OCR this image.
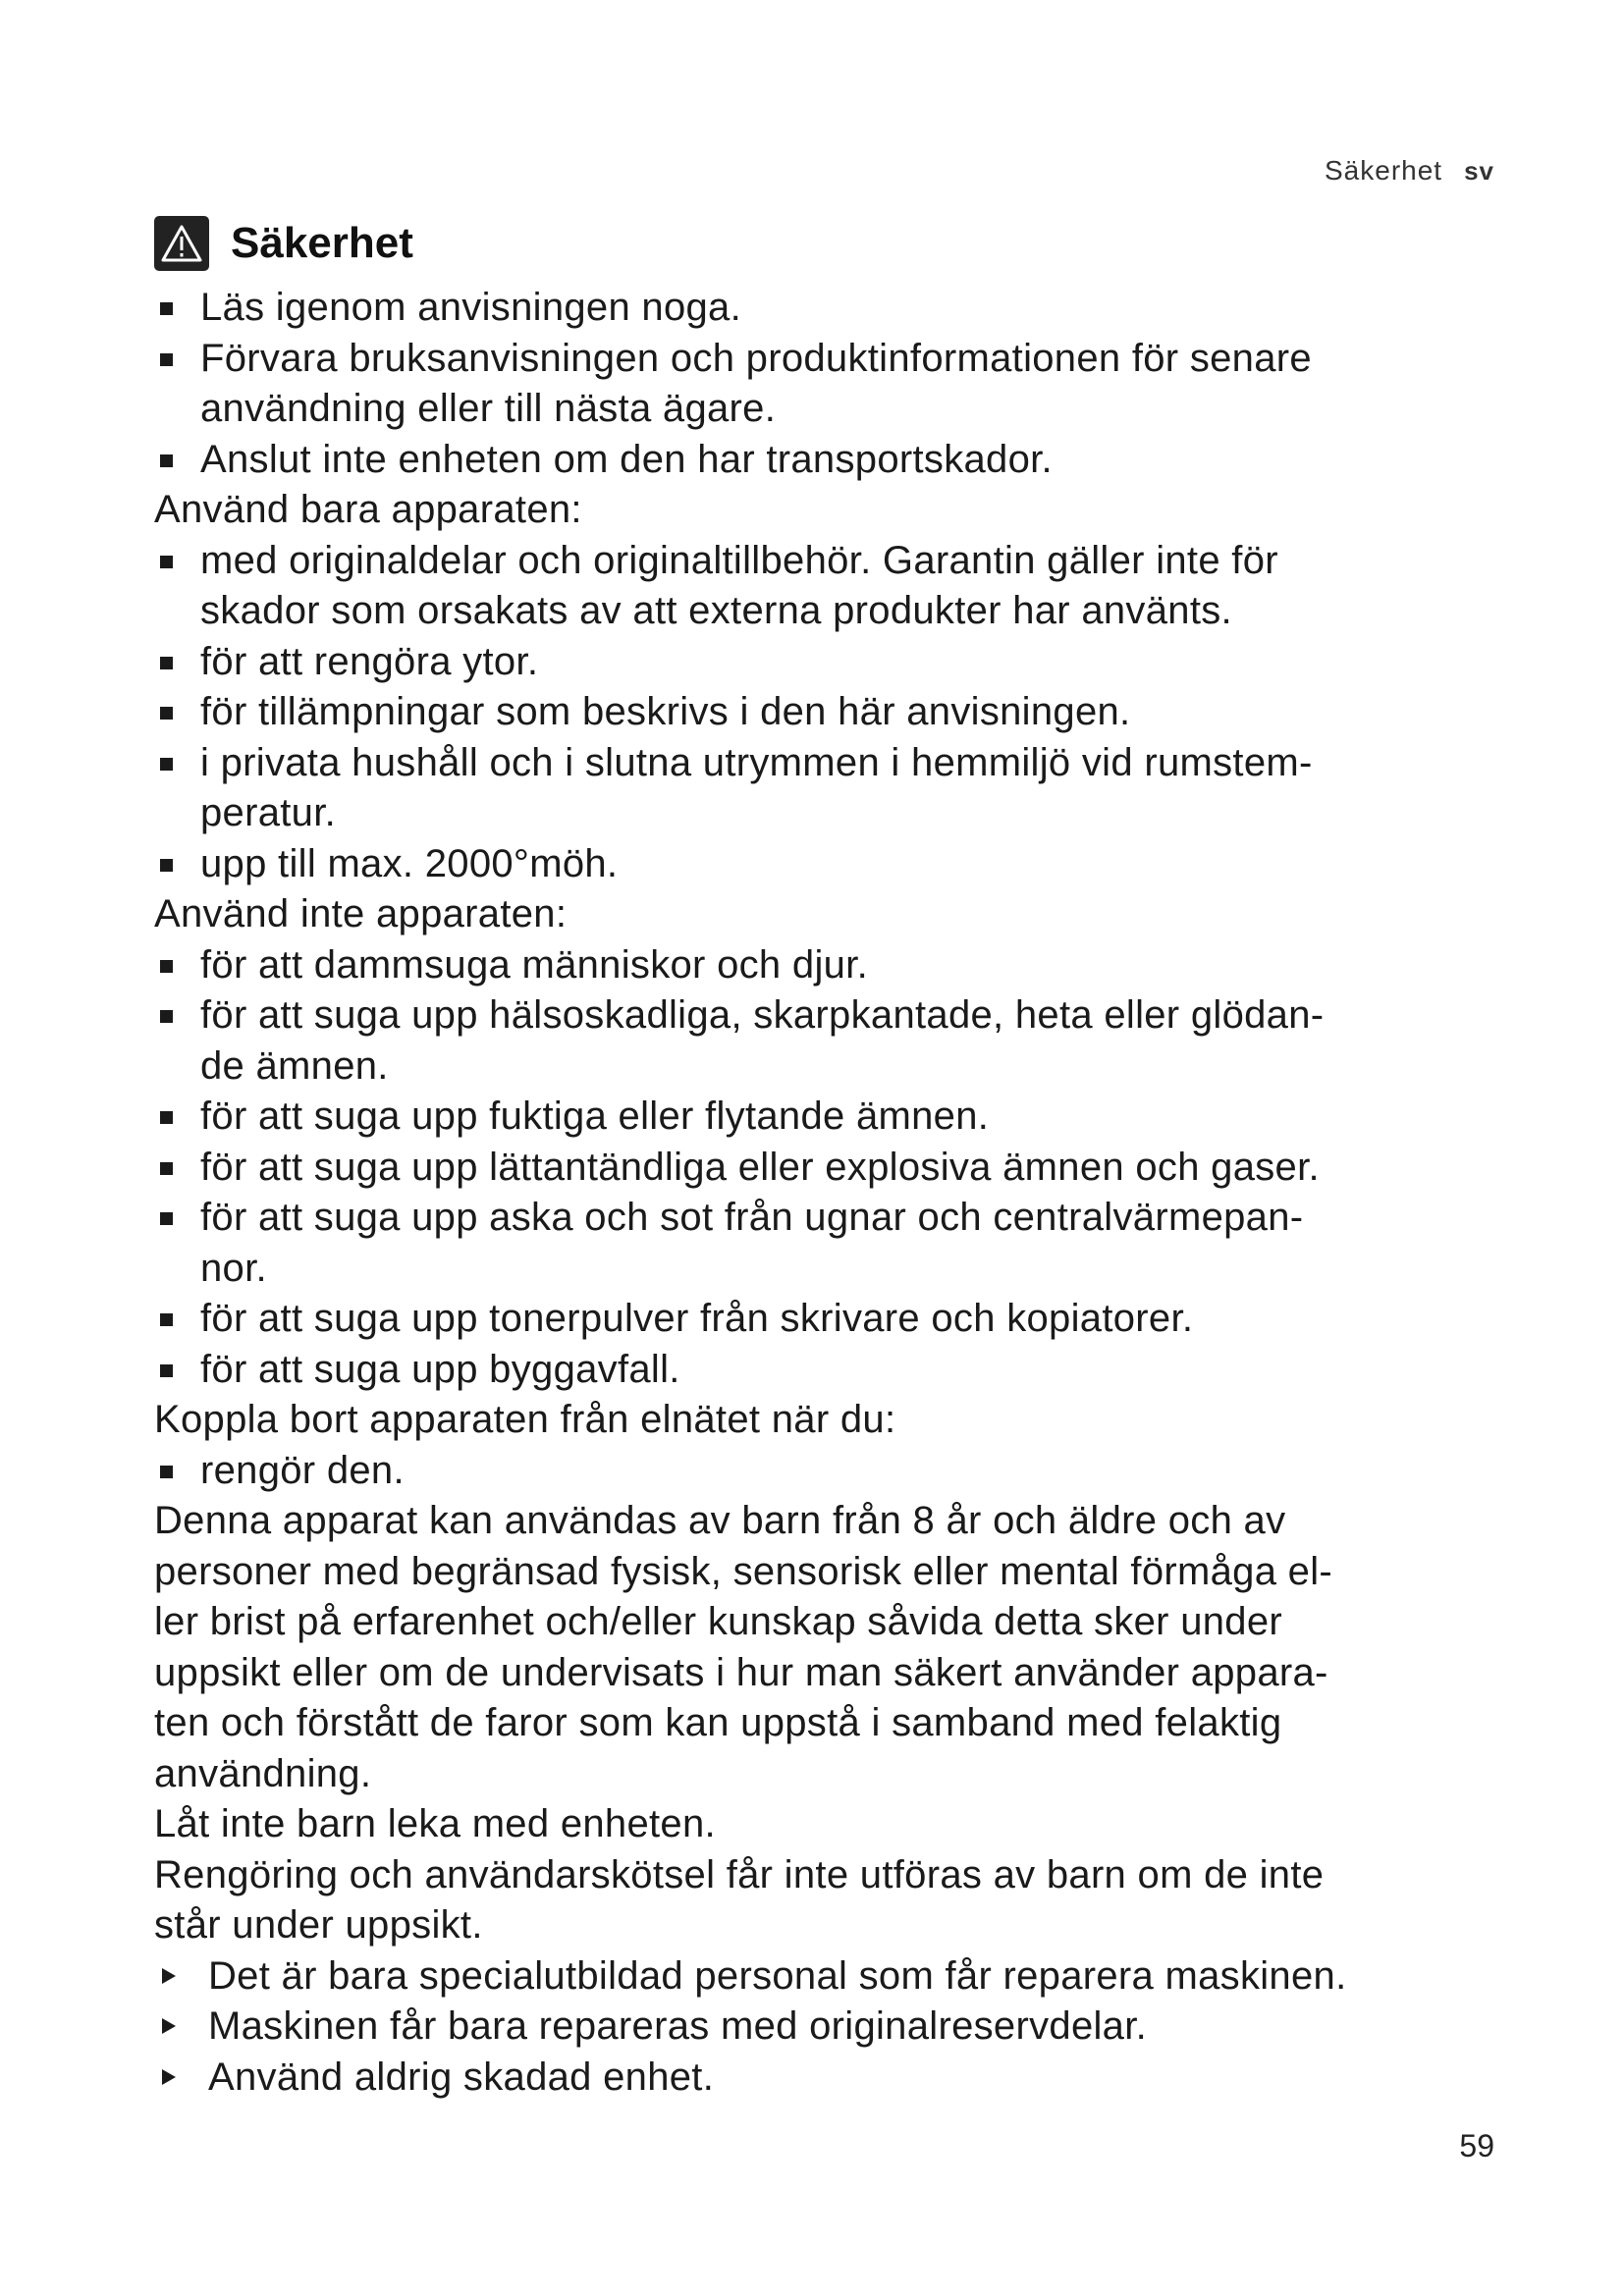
Säkerhet sv
Säkerhet
Läs igenom anvisningen noga.
Förvara bruksanvisningen och produktinformationen för senare
användning eller till nästa ägare.
Anslut inte enheten om den har transportskador.
Använd bara apparaten:
med originaldelar och originaltillbehör. Garantin gäller inte för
skador som orsakats av att externa produkter har använts.
för att rengöra ytor.
för tillämpningar som beskrivs i den här anvisningen.
i privata hushåll och i slutna utrymmen i hemmiljö vid rumstem-
peratur.
upp till max. 2000°möh.
Använd inte apparaten:
för att dammsuga människor och djur.
för att suga upp hälsoskadliga, skarpkantade, heta eller glödan-
de ämnen.
för att suga upp fuktiga eller flytande ämnen.
för att suga upp lättantändliga eller explosiva ämnen och gaser.
för att suga upp aska och sot från ugnar och centralvärmepan-
nor.
för att suga upp tonerpulver från skrivare och kopiatorer.
för att suga upp byggavfall.
Koppla bort apparaten från elnätet när du:
rengör den.
Denna apparat kan användas av barn från 8 år och äldre och av
personer med begränsad fysisk, sensorisk eller mental förmåga el-
ler brist på erfarenhet och/eller kunskap såvida detta sker under
uppsikt eller om de undervisats i hur man säkert använder appara-
ten och förstått de faror som kan uppstå i samband med felaktig
användning.
Låt inte barn leka med enheten.
Rengöring och användarskötsel får inte utföras av barn om de inte
står under uppsikt.
Det är bara specialutbildad personal som får reparera maskinen.
Maskinen får bara repareras med originalreservdelar.
Använd aldrig skadad enhet.
59
